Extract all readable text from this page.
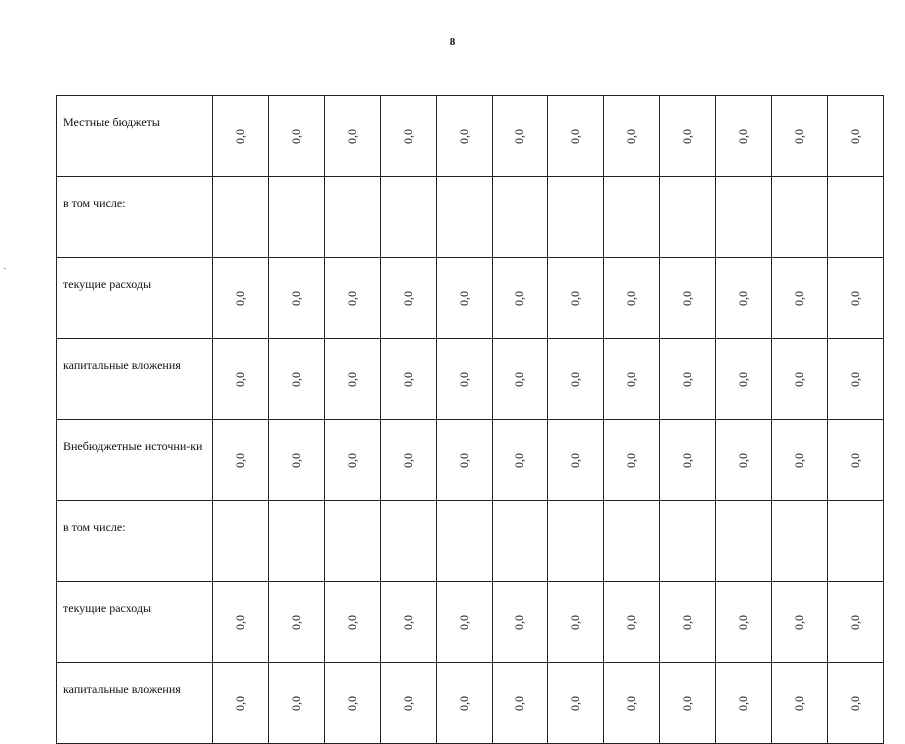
8
Местные бюджеты	0,0	0,0	0,0	0,0	0,0	0,0	0,0	0,0	0,0	0,0	0,0	0,0
в том числе:												
текущие расходы	0,0	0,0	0,0	0,0	0,0	0,0	0,0	0,0	0,0	0,0	0,0	0,0
капитальные вложения	0,0	0,0	0,0	0,0	0,0	0,0	0,0	0,0	0,0	0,0	0,0	0,0
Внебюджетные источни-ки	0,0	0,0	0,0	0,0	0,0	0,0	0,0	0,0	0,0	0,0	0,0	0,0
в том числе:												
текущие расходы	0,0	0,0	0,0	0,0	0,0	0,0	0,0	0,0	0,0	0,0	0,0	0,0
капитальные вложения	0,0	0,0	0,0	0,0	0,0	0,0	0,0	0,0	0,0	0,0	0,0	0,0
